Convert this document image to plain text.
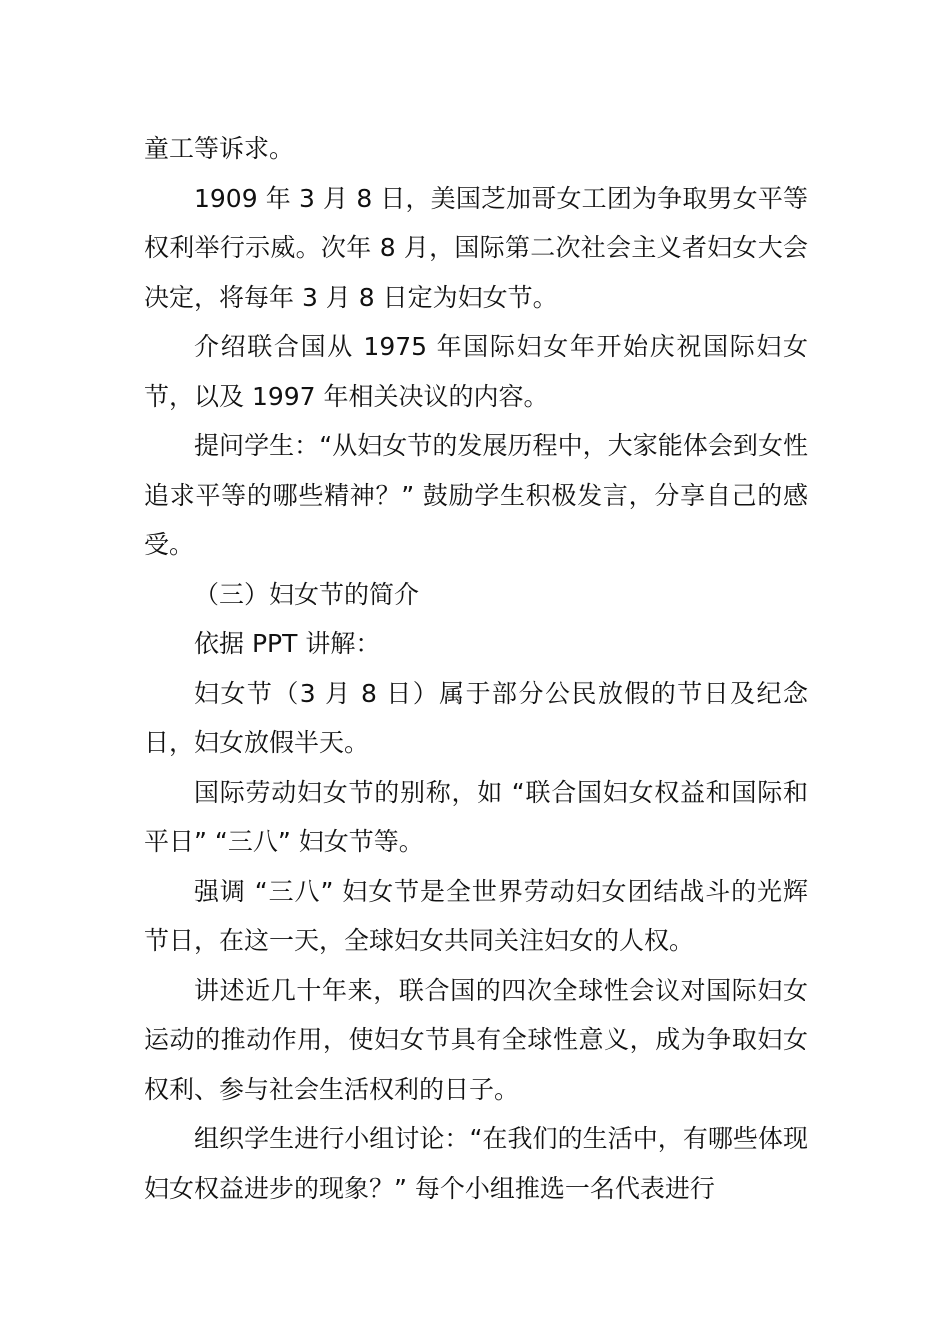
童工等诉求。

1909 年 3 月 8 日，美国芝加哥女工团为争取男女平等权利举行示威。次年 8 月，国际第二次社会主义者妇女大会决定，将每年 3 月 8 日定为妇女节。

介绍联合国从 1975 年国际妇女年开始庆祝国际妇女节，以及 1997 年相关决议的内容。

提问学生：“从妇女节的发展历程中，大家能体会到女性追求平等的哪些精神？” 鼓励学生积极发言，分享自己的感受。

（三）妇女节的简介

依据 PPT 讲解：

妇女节（3 月 8 日）属于部分公民放假的节日及纪念日，妇女放假半天。

国际劳动妇女节的别称，如 “联合国妇女权益和国际和平日” “三八” 妇女节等。

强调 “三八” 妇女节是全世界劳动妇女团结战斗的光辉节日，在这一天，全球妇女共同关注妇女的人权。

讲述近几十年来，联合国的四次全球性会议对国际妇女运动的推动作用，使妇女节具有全球性意义，成为争取妇女权利、参与社会生活权利的日子。

组织学生进行小组讨论：“在我们的生活中，有哪些体现妇女权益进步的现象？” 每个小组推选一名代表进行
